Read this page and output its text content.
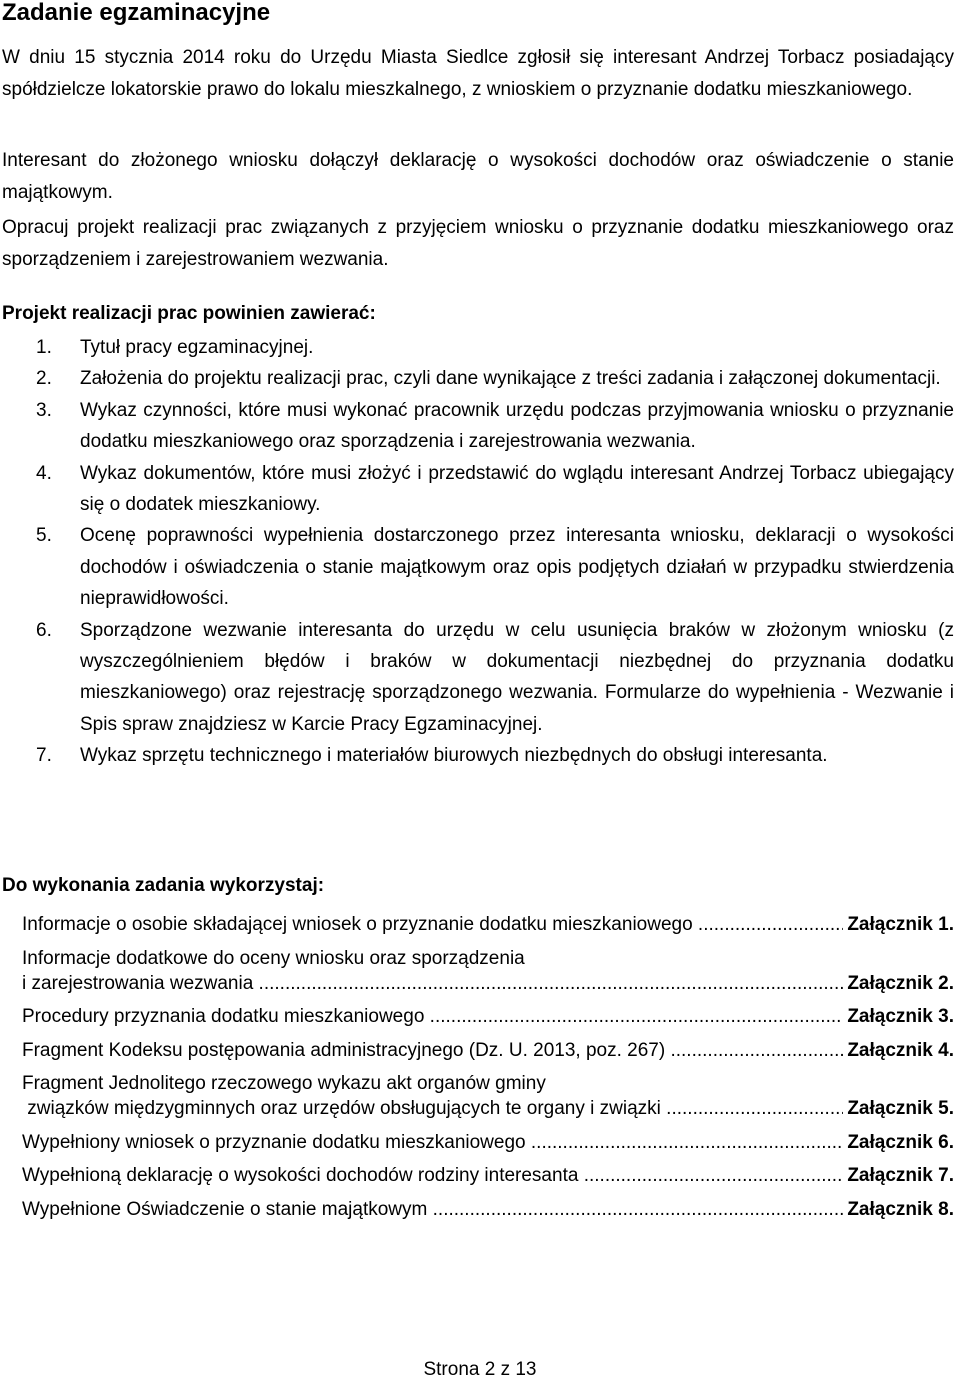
Zadanie egzaminacyjne

W dniu 15 stycznia 2014 roku do Urzędu Miasta Siedlce zgłosił się interesant Andrzej Torbacz posiadający spółdzielcze lokatorskie prawo do lokalu mieszkalnego, z wnioskiem o przyznanie dodatku mieszkaniowego.

Interesant do złożonego wniosku dołączył deklarację o wysokości dochodów oraz oświadczenie o stanie majątkowym.

Opracuj projekt realizacji prac związanych z przyjęciem wniosku o przyznanie dodatku mieszkaniowego oraz sporządzeniem i zarejestrowaniem wezwania.

Projekt realizacji prac powinien zawierać:

1.	Tytuł pracy egzaminacyjnej.
2.	Założenia do projektu realizacji prac, czyli dane wynikające z treści zadania i załączonej dokumentacji.
3.	Wykaz czynności, które musi wykonać pracownik urzędu podczas przyjmowania wniosku o przyznanie dodatku mieszkaniowego oraz sporządzenia i zarejestrowania wezwania.
4.	Wykaz dokumentów, które musi złożyć i przedstawić do wglądu interesant Andrzej Torbacz ubiegający się o dodatek mieszkaniowy.
5.	Ocenę poprawności wypełnienia dostarczonego przez interesanta wniosku, deklaracji o wysokości dochodów i oświadczenia o stanie majątkowym oraz opis podjętych działań w przypadku stwierdzenia nieprawidłowości.
6.	Sporządzone wezwanie interesanta do urzędu w celu usunięcia braków w złożonym wniosku (z wyszczególnieniem błędów i braków w dokumentacji niezbędnej do przyznania dodatku mieszkaniowego) oraz rejestrację sporządzonego wezwania. Formularze do wypełnienia - Wezwanie i Spis spraw znajdziesz w Karcie Pracy Egzaminacyjnej.
7.	Wykaz sprzętu technicznego i materiałów biurowych niezbędnych do obsługi interesanta.

Do wykonania zadania wykorzystaj:

Informacje o osobie składającej wniosek o przyznanie dodatku mieszkaniowego .....	Załącznik 1.
Informacje dodatkowe do oceny wniosku oraz sporządzenia
i zarejestrowania wezwania .....	Załącznik 2.
Procedury przyznania dodatku mieszkaniowego .....	Załącznik 3.
Fragment Kodeksu postępowania administracyjnego (Dz. U. 2013, poz. 267) .....	Załącznik 4.
Fragment Jednolitego rzeczowego wykazu akt organów gminy
związków międzygminnych oraz urzędów obsługujących te organy i związki .....	Załącznik 5.
Wypełniony wniosek o przyznanie dodatku mieszkaniowego .....	Załącznik 6.
Wypełnioną deklarację o wysokości dochodów rodziny interesanta .....	Załącznik 7.
Wypełnione Oświadczenie o stanie majątkowym .....	Załącznik 8.
Strona 2 z 13
